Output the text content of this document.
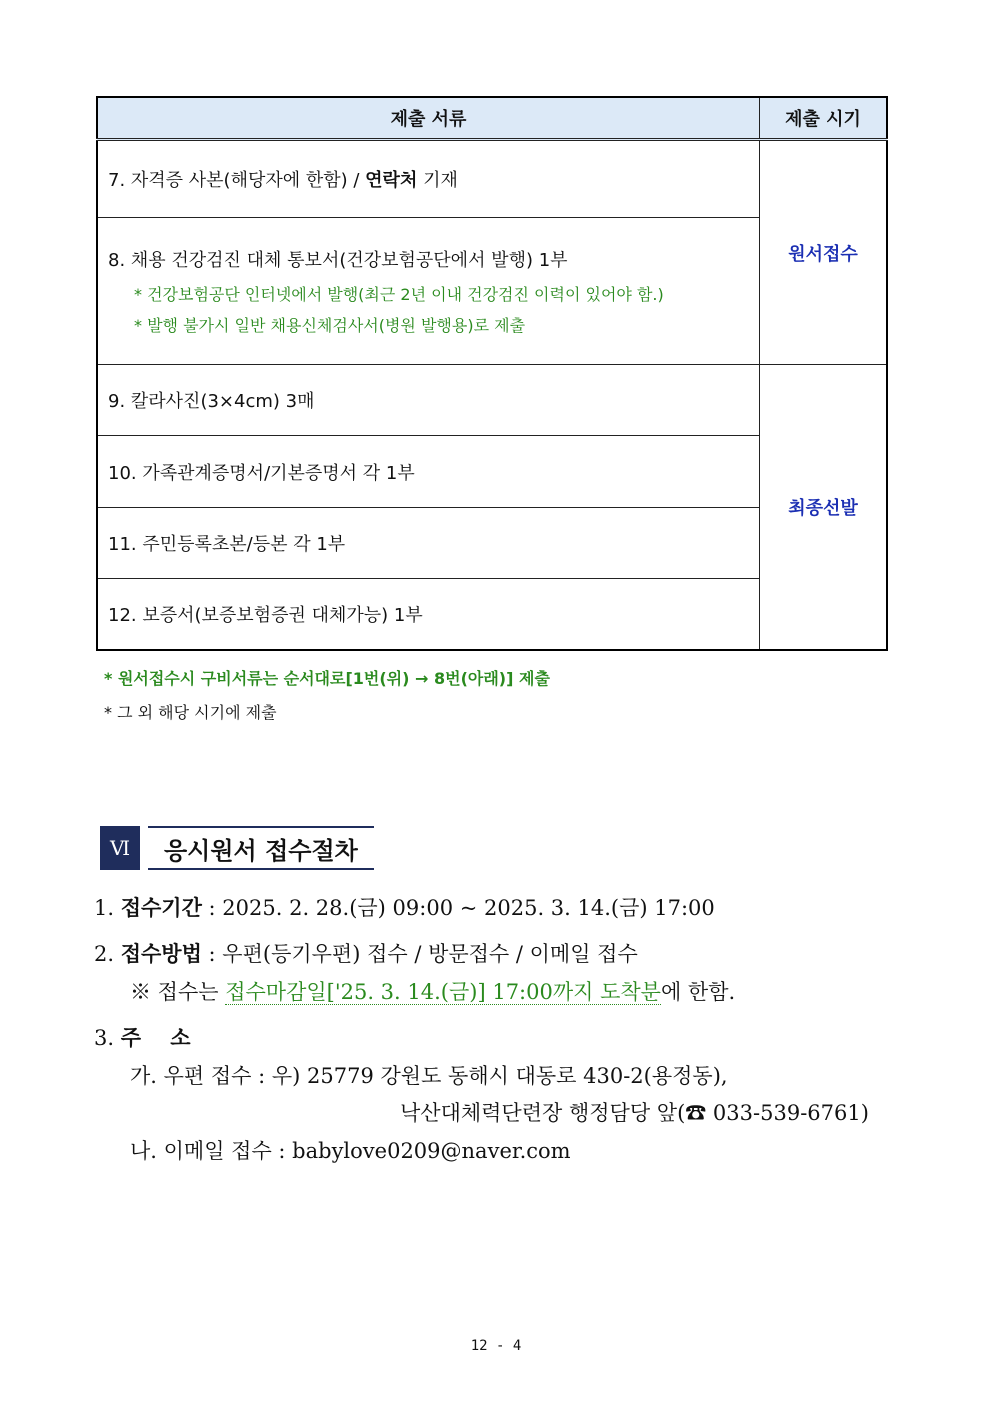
제출 서류	제출 시기
7. 자격증 사본(해당자에 한함) / 연락처 기재	원서접수

8. 채용 건강검진 대체 통보서(건강보험공단에서 발행) 1부
* 건강보험공단 인터넷에서 발행(최근 2년 이내 건강검진 이력이 있어야 함.)
* 발행 불가시 일반 채용신체검사서(병원 발행용)로 제출	

9. 칼라사진(3×4cm) 3매	최종선발
10. 가족관계증명서/기본증명서 각 1부	
11. 주민등록초본/등본 각 1부	
12. 보증서(보증보험증권 대체가능) 1부	
* 원서접수시 구비서류는 순서대로[1번(위) → 8번(아래)] 제출
* 그 외 해당 시기에 제출
Ⅵ	응시원서 접수절차
1. 접수기간 : 2025. 2. 28.(금) 09:00 ~ 2025. 3. 14.(금) 17:00
2. 접수방법 : 우편(등기우편) 접수 / 방문접수 / 이메일 접수
※ 접수는 접수마감일['25. 3. 14.(금)] 17:00까지 도착분에 한함.
3. 주    소
가. 우편 접수 : 우) 25779 강원도 동해시 대동로 430-2(용정동),
낙산대체력단련장 행정담당 앞(☎ 033-539-6761)
나. 이메일 접수 : babylove0209@naver.com
12 - 4
